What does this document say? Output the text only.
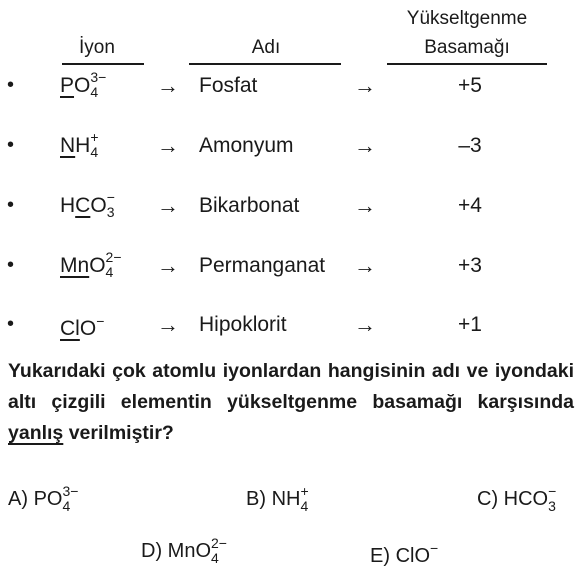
İyon	Adı
Yükseltgenme
Basamağı
• PO 3−
4	→ Fosfat	→	+5
• NH +
4	→ Amonyum	→	–3
• HCO −
3 → Bikarbonat →	+4
• MnO 2−
4	→ Permanganat →	+3
• ClO− → Hipoklorit	→	+1
Yukarıdaki çok atomlu iyonlardan hangisinin adı ve iyondaki altı çizgili elementin yükseltgenme basamağı karşısında yanlış verilmiştir?
A) PO 3−
4	B) NH +
4	C) HCO −
3
D) MnO 2−
4	E) ClO−
